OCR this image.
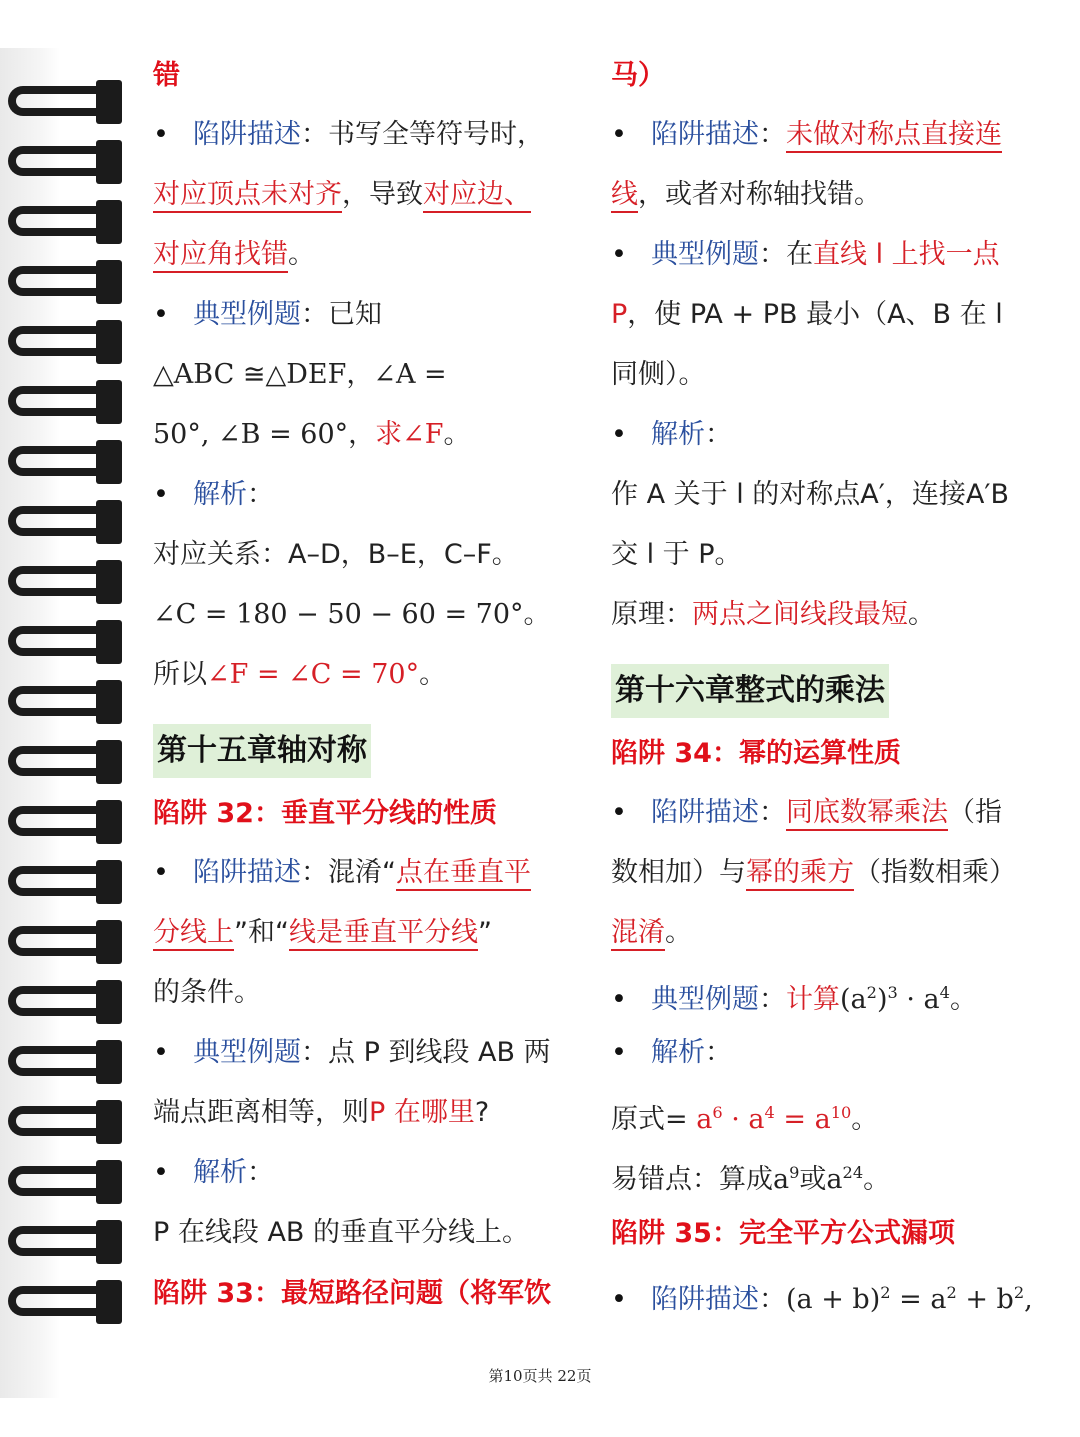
错
• 陷阱描述：书写全等符号时，
对应顶点未对齐，导致对应边、
对应角找错。
• 典型例题：已知
△ABC ≅△DEF，∠A =
50°, ∠B = 60°，求∠F。
• 解析：
对应关系：A–D，B–E，C–F。
∠C = 180 − 50 − 60 = 70°。
所以∠F = ∠C = 70°。
第十五章轴对称
陷阱 32：垂直平分线的性质
• 陷阱描述：混淆“点在垂直平
分线上”和“线是垂直平分线”
的条件。
• 典型例题：点 P 到线段 AB 两
端点距离相等，则P 在哪里?
• 解析：
P 在线段 AB 的垂直平分线上。
陷阱 33：最短路径问题（将军饮
马）
• 陷阱描述：未做对称点直接连
线，或者对称轴找错。
• 典型例题：在直线 l 上找一点
P，使 PA + PB 最小（A、B 在 l
同侧）。
• 解析：
作 A 关于 l 的对称点A′，连接A′B
交 l 于 P。
原理：两点之间线段最短。
第十六章整式的乘法
陷阱 34：幂的运算性质
• 陷阱描述：同底数幂乘法（指
数相加）与幂的乘方（指数相乘）
混淆。
• 典型例题：计算$(a^2)^3 \cdot a^4$。
• 解析：
原式= $a^6 \cdot a^4 = a^{10}$。
易错点：算成$a^9$或$a^{24}$。
陷阱 35：完全平方公式漏项
• 陷阱描述：$(a + b)^2 = a^2 + b^2$,
第10页共 22页
